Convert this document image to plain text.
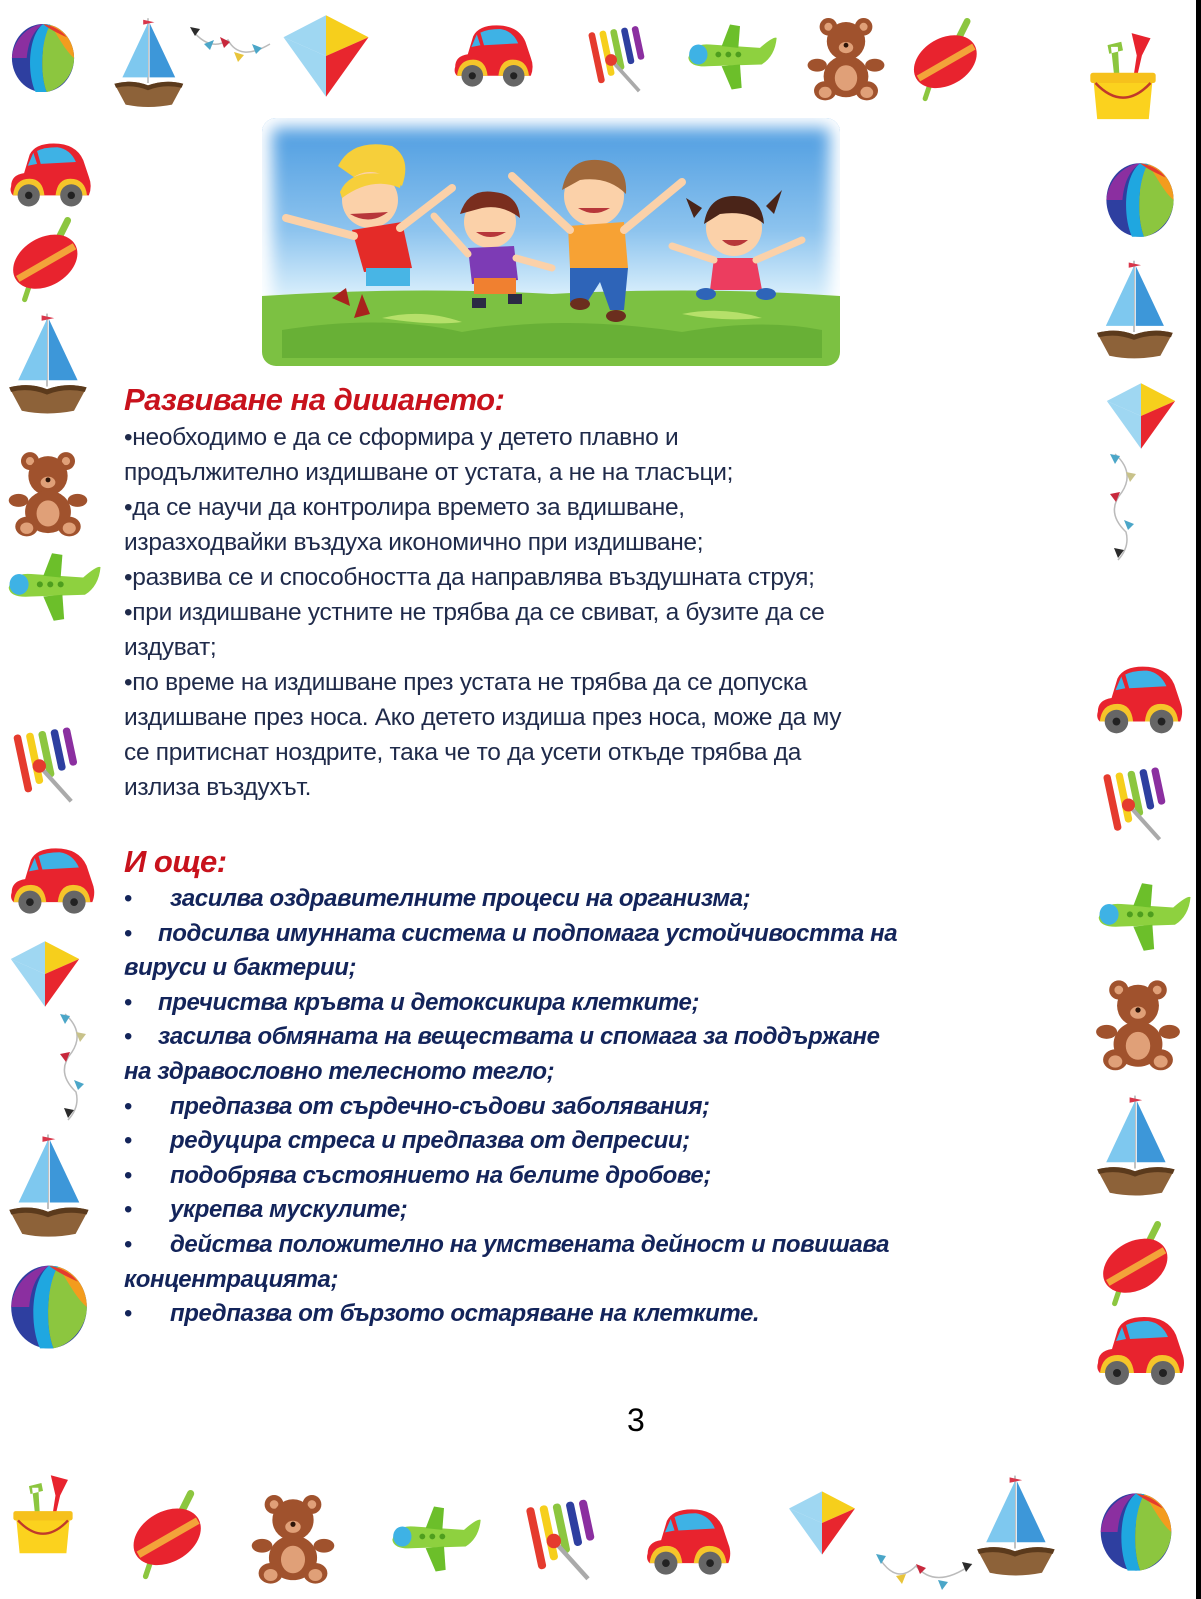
Развиване на дишането:

•необходимо е да се сформира у детето плавно и

продължително издишване от устата, а не на тласъци;

•да се научи да контролира времето за вдишване,

изразходвайки въздуха икономично при издишване;

•развива се и способността да направлява въздушната струя;

•при издишване устните не трябва да се свиват, а бузите да се

издуват;

•по време на издишване през устата не трябва да се допуска

издишване през носа. Ако детето издиша през носа, може да му

се притиснат ноздрите, така че то да усети откъде трябва да

излиза въздухът.

И още:

• засилва оздравителните процеси на организма;

• подсилва имунната система и подпомага устойчивостта на
вируси и бактерии;

• пречиства кръвта и детоксикира клетките;

• засилва обмяната на веществата и спомага за поддържане
на здравословно телесното тегло;

• предпазва от сърдечно-съдови заболявания;

• редуцира стреса и предпазва от депресии;

• подобрява състоянието на белите дробове;

• укрепва мускулите;

• действа положително на умствената дейност и повишава
концентрацията;

• предпазва от бързото остаряване на клетките.

3
